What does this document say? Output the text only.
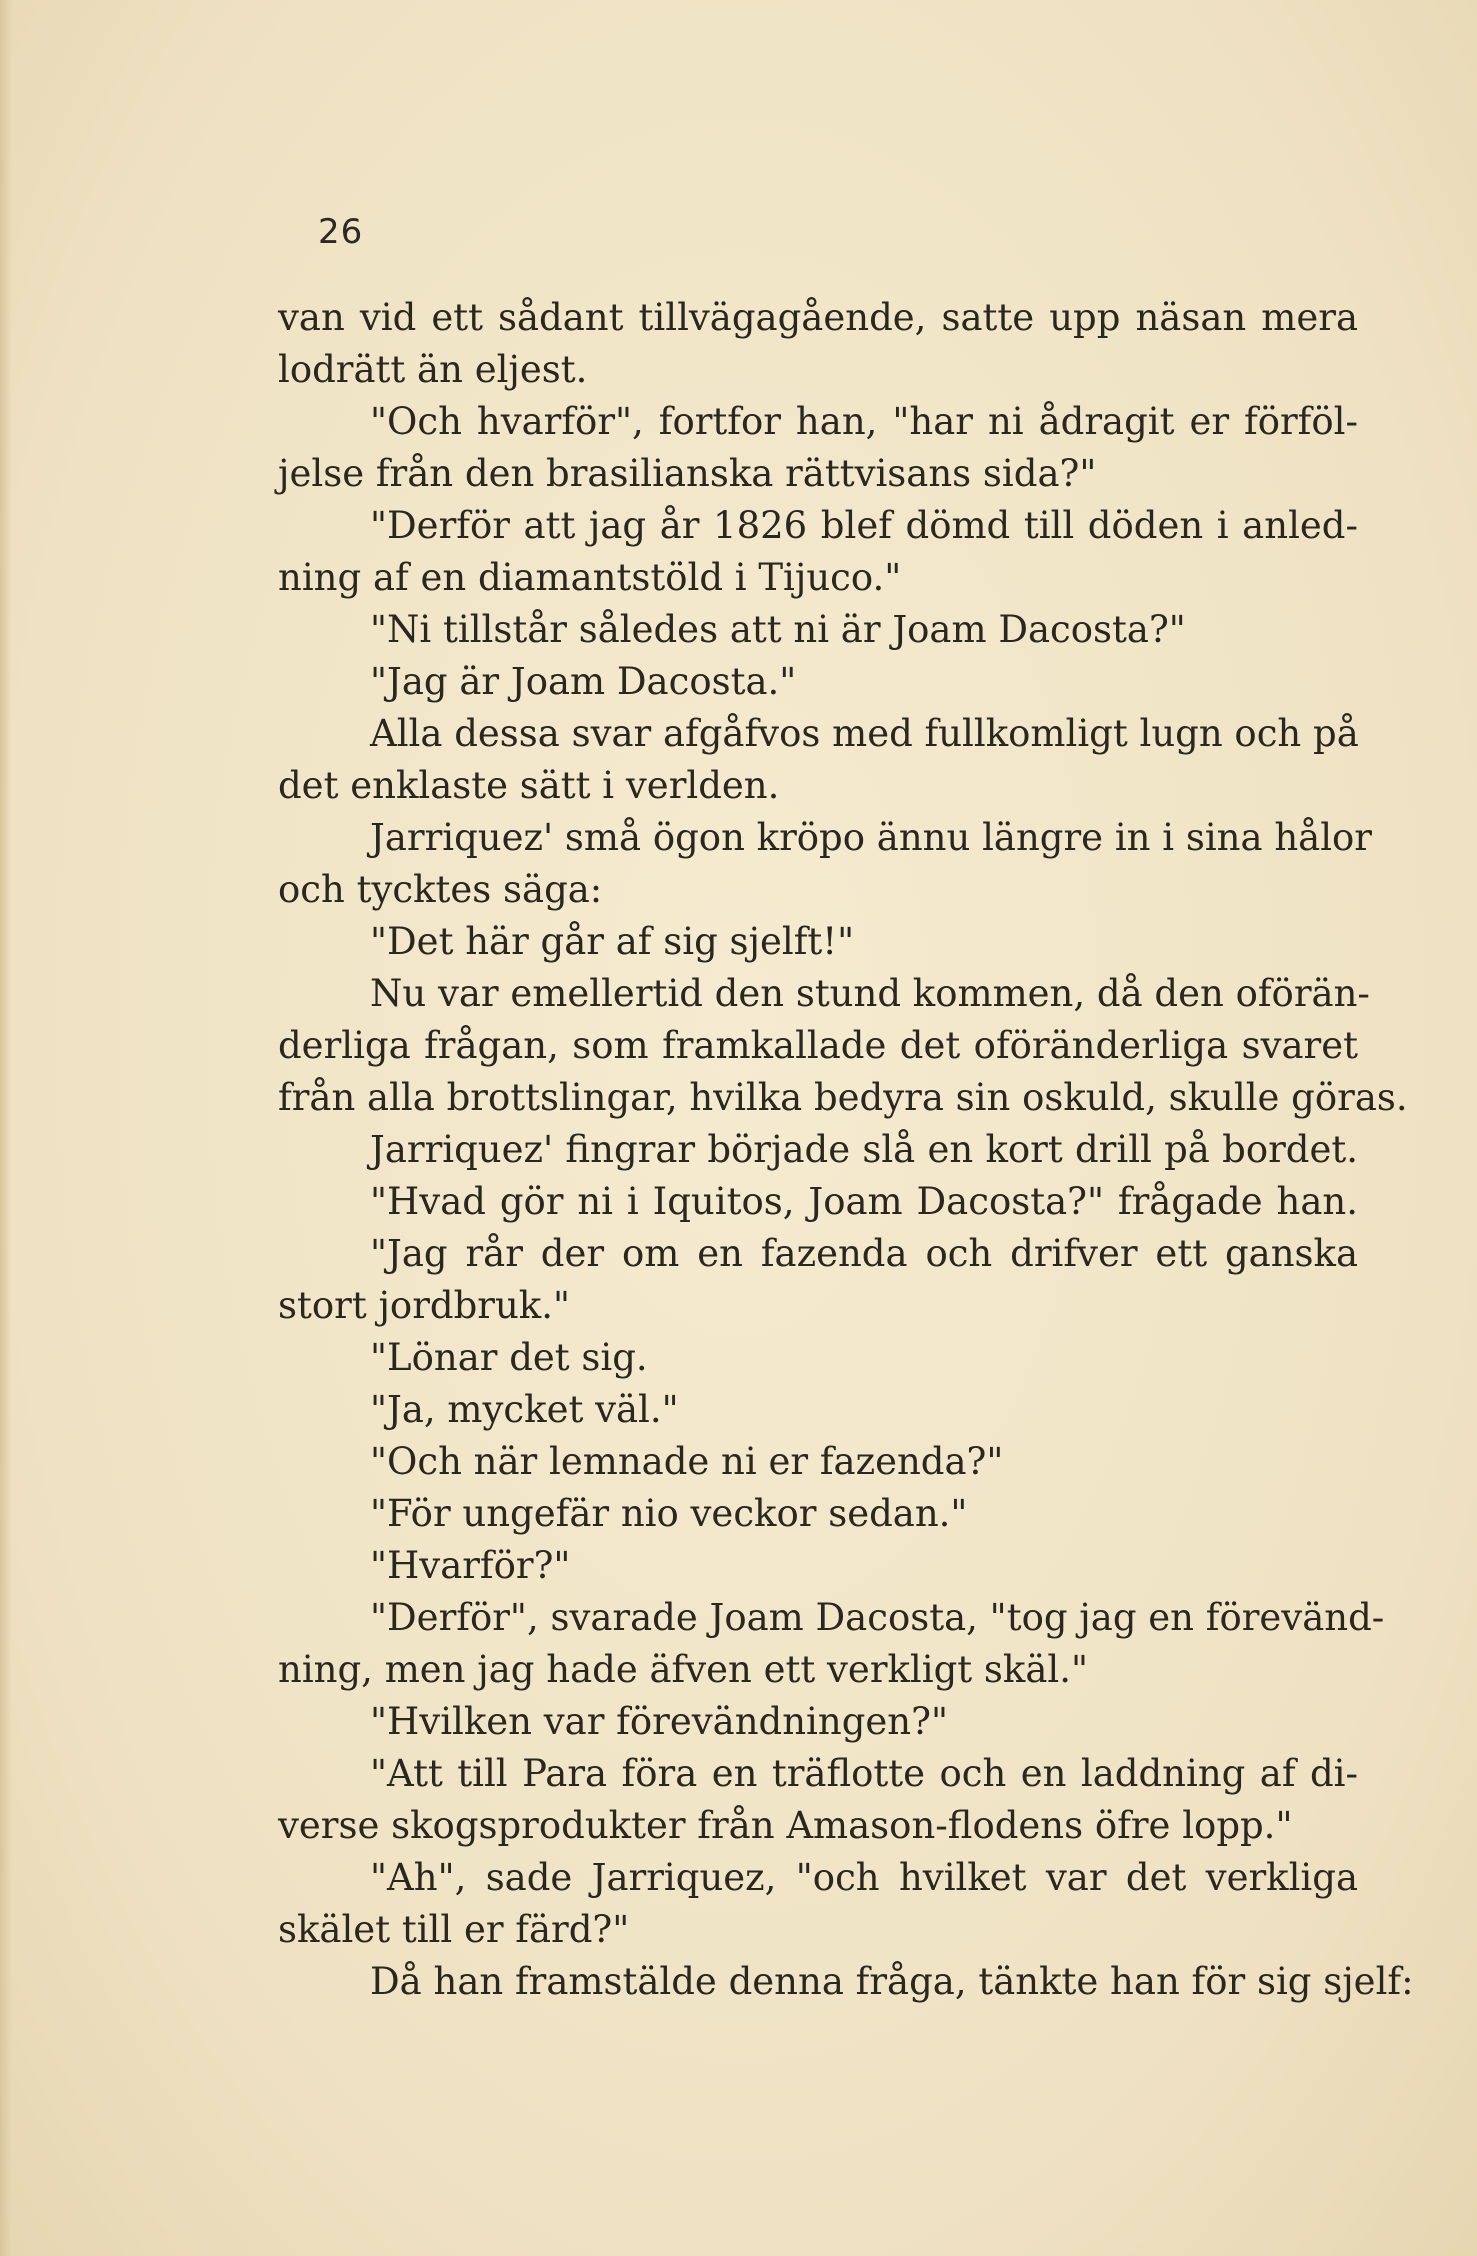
26
van vid ett sådant tillvägagående, satte upp näsan mera
lodrätt än eljest.
"Och hvarför", fortfor han, "har ni ådragit er förföl-
jelse från den brasilianska rättvisans sida?"
"Derför att jag år 1826 blef dömd till döden i anled-
ning af en diamantstöld i Tijuco."
"Ni tillstår således att ni är Joam Dacosta?"
"Jag är Joam Dacosta."
Alla dessa svar afgåfvos med fullkomligt lugn och på
det enklaste sätt i verlden.
Jarriquez' små ögon kröpo ännu längre in i sina hålor
och tycktes säga:
"Det här går af sig sjelft!"
Nu var emellertid den stund kommen, då den oförän-
derliga frågan, som framkallade det oföränderliga svaret
från alla brottslingar, hvilka bedyra sin oskuld, skulle göras.
Jarriquez' fingrar började slå en kort drill på bordet.
"Hvad gör ni i Iquitos, Joam Dacosta?" frågade han.
"Jag rår der om en fazenda och drifver ett ganska
stort jordbruk."
"Lönar det sig.
"Ja, mycket väl."
"Och när lemnade ni er fazenda?"
"För ungefär nio veckor sedan."
"Hvarför?"
"Derför", svarade Joam Dacosta, "tog jag en förevänd-
ning, men jag hade äfven ett verkligt skäl."
"Hvilken var förevändningen?"
"Att till Para föra en träflotte och en laddning af di-
verse skogsprodukter från Amason-flodens öfre lopp."
"Ah", sade Jarriquez, "och hvilket var det verkliga
skälet till er färd?"
Då han framstälde denna fråga, tänkte han för sig sjelf:
